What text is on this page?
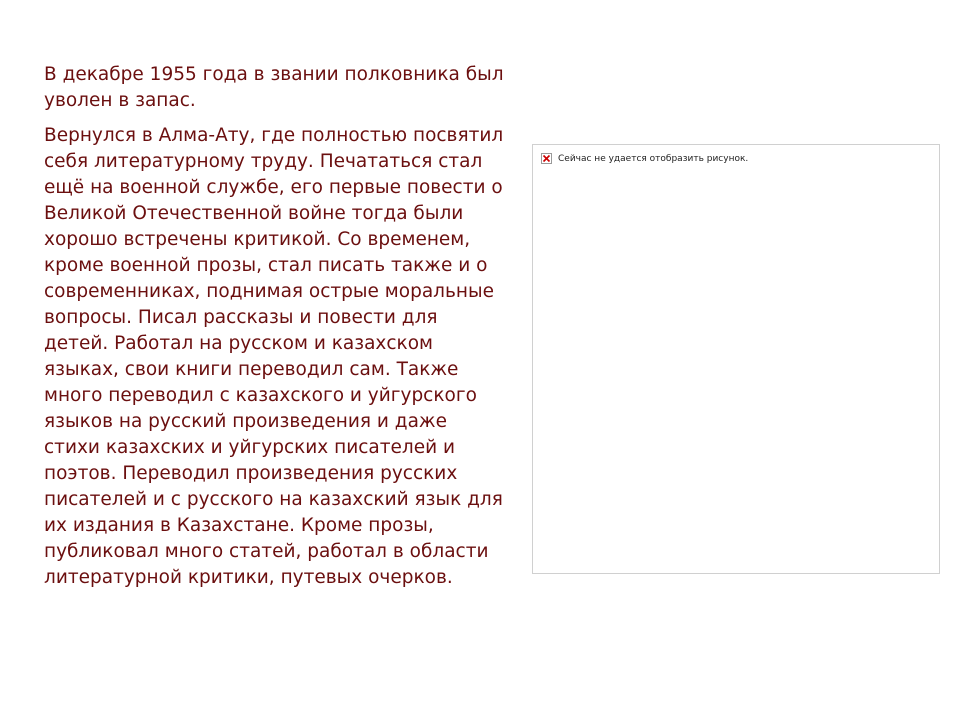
В декабре 1955 года в звании полковника был уволен в запас.

Вернулся в Алма-Ату, где полностью посвятил себя литературному труду. Печататься стал ещё на военной службе, его первые повести о Великой Отечественной войне тогда были хорошо встречены критикой. Со временем, кроме военной прозы, стал писать также и о современниках, поднимая острые моральные вопросы. Писал рассказы и повести для детей. Работал на русском и казахском языках, свои книги переводил сам. Также много переводил с казахского и уйгурского языков на русский произведения и даже стихи казахских и уйгурских писателей и поэтов. Переводил произведения русских писателей и с русского на казахский язык для их издания в Казахстане. Кроме прозы, публиковал много статей, работал в области литературной критики, путевых очерков.

Сейчас не удается отобразить рисунок.
